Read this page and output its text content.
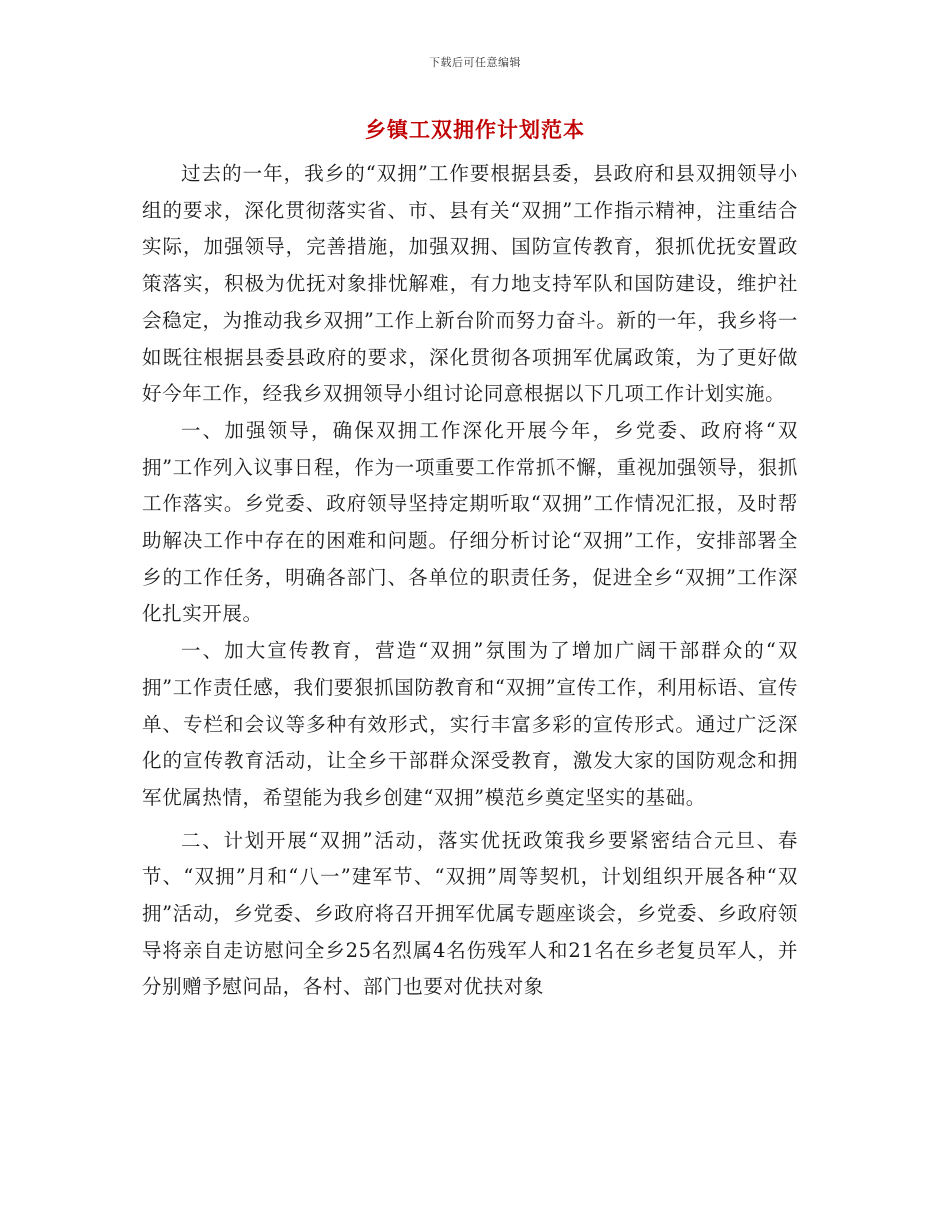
下载后可任意编辑
乡镇工双拥作计划范本

过去的一年，我乡的“双拥”工作要根据县委，县政府和县双拥领导小组的要求，深化贯彻落实省、市、县有关“双拥”工作指示精神，注重结合实际，加强领导，完善措施，加强双拥、国防宣传教育，狠抓优抚安置政策落实，积极为优抚对象排忧解难，有力地支持军队和国防建设，维护社会稳定，为推动我乡双拥”工作上新台阶而努力奋斗。新的一年，我乡将一如既往根据县委县政府的要求，深化贯彻各项拥军优属政策，为了更好做好今年工作，经我乡双拥领导小组讨论同意根据以下几项工作计划实施。

一、加强领导，确保双拥工作深化开展今年，乡党委、政府将“双拥”工作列入议事日程，作为一项重要工作常抓不懈，重视加强领导，狠抓工作落实。乡党委、政府领导坚持定期听取“双拥”工作情况汇报，及时帮助解决工作中存在的困难和问题。仔细分析讨论“双拥”工作，安排部署全乡的工作任务，明确各部门、各单位的职责任务，促进全乡“双拥”工作深化扎实开展。

一、加大宣传教育，营造“双拥”氛围为了增加广阔干部群众的“双拥”工作责任感，我们要狠抓国防教育和“双拥”宣传工作，利用标语、宣传单、专栏和会议等多种有效形式，实行丰富多彩的宣传形式。通过广泛深化的宣传教育活动，让全乡干部群众深受教育，激发大家的国防观念和拥军优属热情，希望能为我乡创建“双拥”模范乡奠定坚实的基础。

二、计划开展“双拥”活动，落实优抚政策我乡要紧密结合元旦、春节、“双拥”月和“八一”建军节、“双拥”周等契机，计划组织开展各种“双拥”活动，乡党委、乡政府将召开拥军优属专题座谈会，乡党委、乡政府领导将亲自走访慰问全乡25名烈属4名伤残军人和21名在乡老复员军人，并分别赠予慰问品，各村、部门也要对优扶对象
